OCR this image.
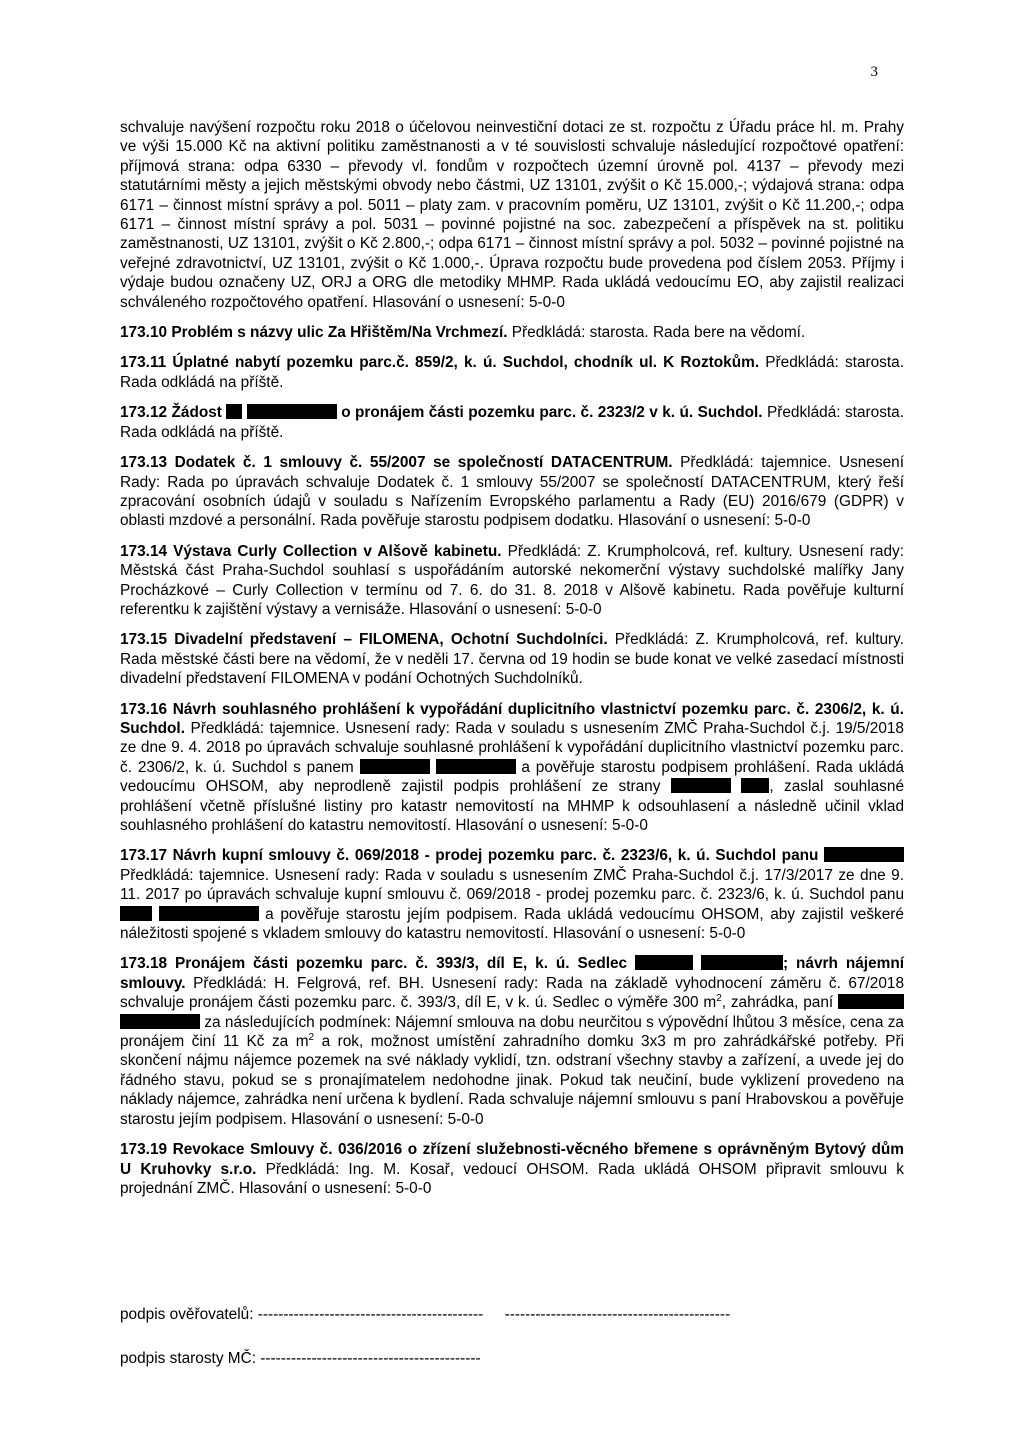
3

schvaluje navýšení rozpočtu roku 2018 o účelovou neinvestiční dotaci ze st. rozpočtu z Úřadu práce hl. m. Prahy ve výši 15.000 Kč na aktivní politiku zaměstnanosti a v té souvislosti schvaluje následující rozpočtové opatření: příjmová strana: odpa 6330 – převody vl. fondům v rozpočtech územní úrovně pol. 4137 – převody mezi statutárními městy a jejich městskými obvody nebo částmi, UZ 13101, zvýšit o Kč 15.000,-; výdajová strana: odpa 6171 – činnost místní správy a pol. 5011 – platy zam. v pracovním poměru, UZ 13101, zvýšit o Kč 11.200,-; odpa 6171 – činnost místní správy a pol. 5031 – povinné pojistné na soc. zabezpečení a příspěvek na st. politiku zaměstnanosti, UZ 13101, zvýšit o Kč 2.800,-; odpa 6171 – činnost místní správy a pol. 5032 – povinné pojistné na veřejné zdravotnictví, UZ 13101, zvýšit o Kč 1.000,-. Úprava rozpočtu bude provedena pod číslem 2053. Příjmy i výdaje budou označeny UZ, ORJ a ORG dle metodiky MHMP. Rada ukládá vedoucímu EO, aby zajistil realizaci schváleného rozpočtového opatření. Hlasování o usnesení: 5-0-0

173.10 Problém s názvy ulic Za Hřištěm/Na Vrchmezí. Předkládá: starosta. Rada bere na vědomí.

173.11 Úplatné nabytí pozemku parc.č. 859/2, k. ú. Suchdol, chodník ul. K Roztokům. Předkládá: starosta. Rada odkládá na příště.

173.12 Žádost	o pronájem části pozemku parc. č. 2323/2 v k. ú. Suchdol. Předkládá: starosta. Rada odkládá na příště.

173.13 Dodatek č. 1 smlouvy č. 55/2007 se společností DATACENTRUM. Předkládá: tajemnice. Usnesení Rady: Rada po úpravách schvaluje Dodatek č. 1 smlouvy 55/2007 se společností DATACENTRUM, který řeší zpracování osobních údajů v souladu s Nařízením Evropského parlamentu a Rady (EU) 2016/679 (GDPR) v oblasti mzdové a personální. Rada pověřuje starostu podpisem dodatku. Hlasování o usnesení: 5-0-0

173.14 Výstava Curly Collection v Alšově kabinetu. Předkládá: Z. Krumpholcová, ref. kultury. Usnesení rady: Městská část Praha-Suchdol souhlasí s uspořádáním autorské nekomerční výstavy suchdolské malířky Jany Procházkové – Curly Collection v termínu od 7. 6. do 31. 8. 2018 v Alšově kabinetu. Rada pověřuje kulturní referentku k zajištění výstavy a vernisáže. Hlasování o usnesení: 5-0-0

173.15 Divadelní představení – FILOMENA, Ochotní Suchdolníci. Předkládá: Z. Krumpholcová, ref. kultury. Rada městské části bere na vědomí, že v neděli 17. června od 19 hodin se bude konat ve velké zasedací místnosti divadelní představení FILOMENA v podání Ochotných Suchdolníků.

173.16 Návrh souhlasného prohlášení k vypořádání duplicitního vlastnictví pozemku parc. č. 2306/2, k. ú. Suchdol. Předkládá: tajemnice. Usnesení rady: Rada v souladu s usnesením ZMČ Praha-Suchdol č.j. 19/5/2018 ze dne 9. 4. 2018 po úpravách schvaluje souhlasné prohlášení k vypořádání duplicitního vlastnictví pozemku parc. č. 2306/2, k. ú. Suchdol s panem	a pověřuje starostu podpisem prohlášení. Rada ukládá vedoucímu OHSOM, aby neprodleně zajistil podpis prohlášení ze strany	, zaslal souhlasné prohlášení včetně příslušné listiny pro katastr nemovitostí na MHMP k odsouhlasení a následně učinil vklad souhlasného prohlášení do katastru nemovitostí. Hlasování o usnesení: 5-0-0

173.17 Návrh kupní smlouvy č. 069/2018 - prodej pozemku parc. č. 2323/6, k. ú. Suchdol panu  Předkládá: tajemnice. Usnesení rady: Rada v souladu s usnesením ZMČ Praha-Suchdol č.j. 17/3/2017 ze dne 9. 11. 2017 po úpravách schvaluje kupní smlouvu č. 069/2018 - prodej pozemku parc. č. 2323/6, k. ú. Suchdol panu   a pověřuje starostu jejím podpisem. Rada ukládá vedoucímu OHSOM, aby zajistil veškeré náležitosti spojené s vkladem smlouvy do katastru nemovitostí. Hlasování o usnesení: 5-0-0

173.18 Pronájem části pozemku parc. č. 393/3, díl E, k. ú. Sedlec	; návrh nájemní smlouvy. Předkládá: H. Felgrová, ref. BH. Usnesení rady: Rada na základě vyhodnocení záměru č. 67/2018 schvaluje pronájem části pozemku parc. č. 393/3, díl E, v k. ú. Sedlec o výměře 300 $m^2$, zahrádka, paní   za následujících podmínek: Nájemní smlouva na dobu neurčitou s výpovědní lhůtou 3 měsíce, cena za pronájem činí 11 Kč za $m^2$ a rok, možnost umístění zahradního domku 3x3 m pro zahrádkářské potřeby. Při skončení nájmu nájemce pozemek na své náklady vyklidí, tzn. odstraní všechny stavby a zařízení, a uvede jej do řádného stavu, pokud se s pronajímatelem nedohodne jinak. Pokud tak neučiní, bude vyklizení provedeno na náklady nájemce, zahrádka není určena k bydlení. Rada schvaluje nájemní smlouvu s paní Hrabovskou a pověřuje starostu jejím podpisem. Hlasování o usnesení: 5-0-0

173.19 Revokace Smlouvy č. 036/2016 o zřízení služebnosti-věcného břemene s oprávněným Bytový dům U Kruhovky s.r.o. Předkládá: Ing. M. Kosař, vedoucí OHSOM. Rada ukládá OHSOM připravit smlouvu k projednání ZMČ. Hlasování o usnesení: 5-0-0

podpis ověřovatelů: -------------------------------------------- --------------------------------------------
podpis starosty MČ: -------------------------------------------
